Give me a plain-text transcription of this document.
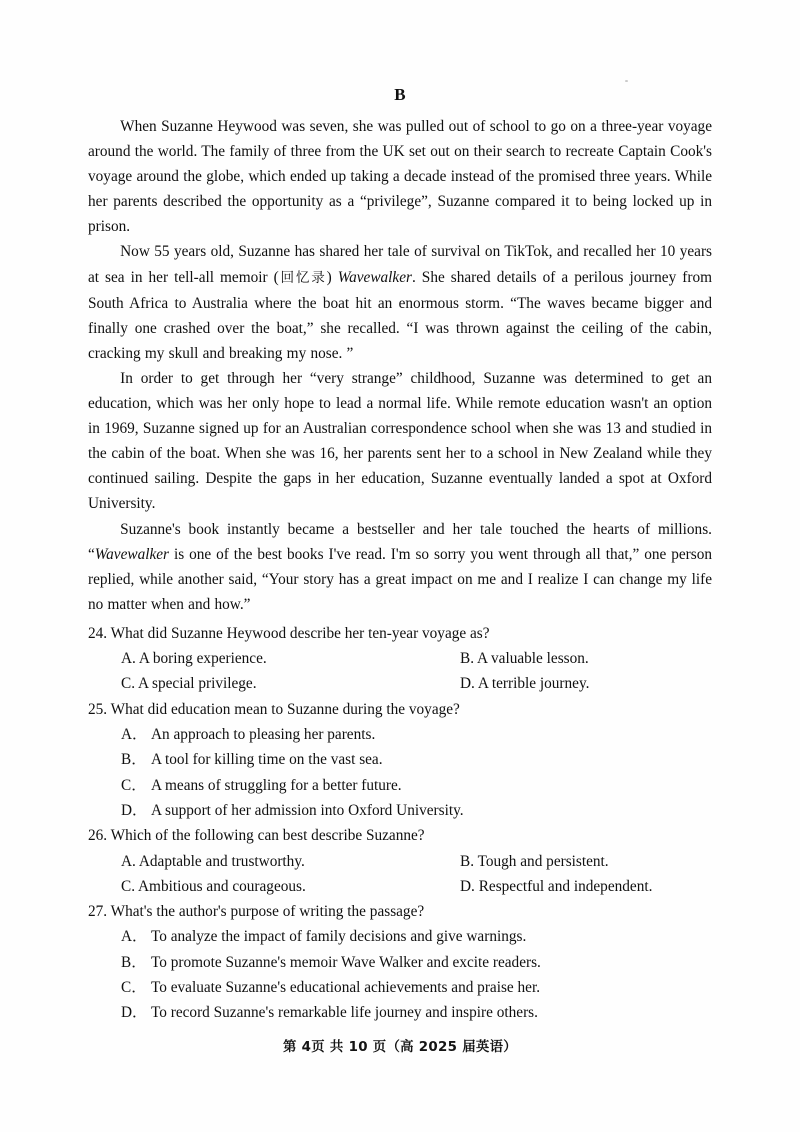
B

When Suzanne Heywood was seven, she was pulled out of school to go on a three-year voyage around the world. The family of three from the UK set out on their search to recreate Captain Cook's voyage around the globe, which ended up taking a decade instead of the promised three years. While her parents described the opportunity as a “privilege”, Suzanne compared it to being locked up in prison.

Now 55 years old, Suzanne has shared her tale of survival on TikTok, and recalled her 10 years at sea in her tell-all memoir (回忆录) Wavewalker. She shared details of a perilous journey from South Africa to Australia where the boat hit an enormous storm. “The waves became bigger and finally one crashed over the boat,” she recalled. “I was thrown against the ceiling of the cabin, cracking my skull and breaking my nose. ”

In order to get through her “very strange” childhood, Suzanne was determined to get an education, which was her only hope to lead a normal life. While remote education wasn't an option in 1969, Suzanne signed up for an Australian correspondence school when she was 13 and studied in the cabin of the boat. When she was 16, her parents sent her to a school in New Zealand while they continued sailing. Despite the gaps in her education, Suzanne eventually landed a spot at Oxford University.

Suzanne's book instantly became a bestseller and her tale touched the hearts of millions. “Wavewalker is one of the best books I've read. I'm so sorry you went through all that,” one person replied, while another said, “Your story has a great impact on me and I realize I can change my life no matter when and how.”

24. What did Suzanne Heywood describe her ten-year voyage as?

A. A boring experience.	B. A valuable lesson.
C. A special privilege.	D. A terrible journey.

25. What did education mean to Suzanne during the voyage?

A． An approach to pleasing her parents.
B． A tool for killing time on the vast sea.
C． A means of struggling for a better future.
D． A support of her admission into Oxford University.

26. Which of the following can best describe Suzanne?

A. Adaptable and trustworthy.	B. Tough and persistent.
C. Ambitious and courageous.	D. Respectful and independent.

27. What's the author's purpose of writing the passage?

A． To analyze the impact of family decisions and give warnings.
B． To promote Suzanne's memoir Wave Walker and excite readers.
C． To evaluate Suzanne's educational achievements and praise her.
D． To record Suzanne's remarkable life journey and inspire others.
第 4页 共 10 页（高 2025 届英语）
